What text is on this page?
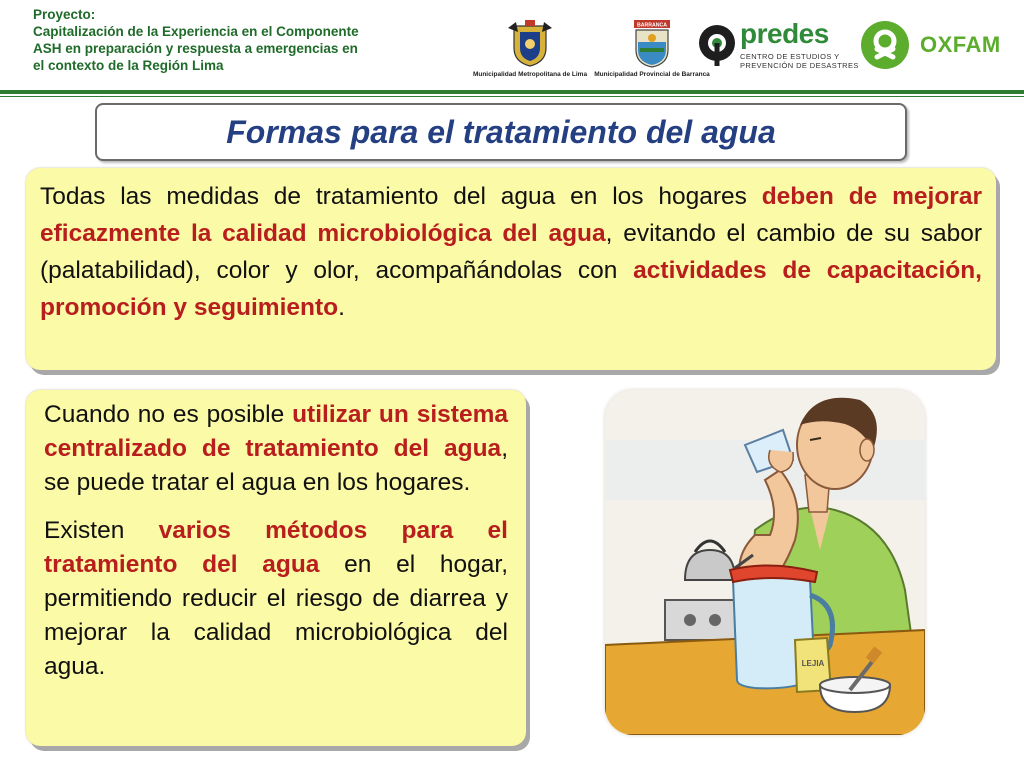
Proyecto:
Capitalización de la Experiencia en el Componente
ASH en preparación y respuesta a emergencias en
el contexto de la Región Lima
Municipalidad Metropolitana de Lima
BARRANCA
Municipalidad Provincial de Barranca
predes
CENTRO DE ESTUDIOS Y
PREVENCIÓN DE DESASTRES
OXFAM
Formas para el tratamiento del agua

Todas las medidas de tratamiento del agua en los hogares deben de mejorar eficazmente la calidad microbiológica del agua, evitando el cambio de su sabor (palatabilidad), color y olor, acompañándolas con actividades de capacitación, promoción y seguimiento.

Cuando no es posible utilizar un sistema centralizado de tratamiento del agua, se puede tratar el agua en los hogares.

Existen varios métodos para el tratamiento del agua en el hogar, permitiendo reducir el riesgo de diarrea y mejorar la calidad microbiológica del agua.	LEJIA
